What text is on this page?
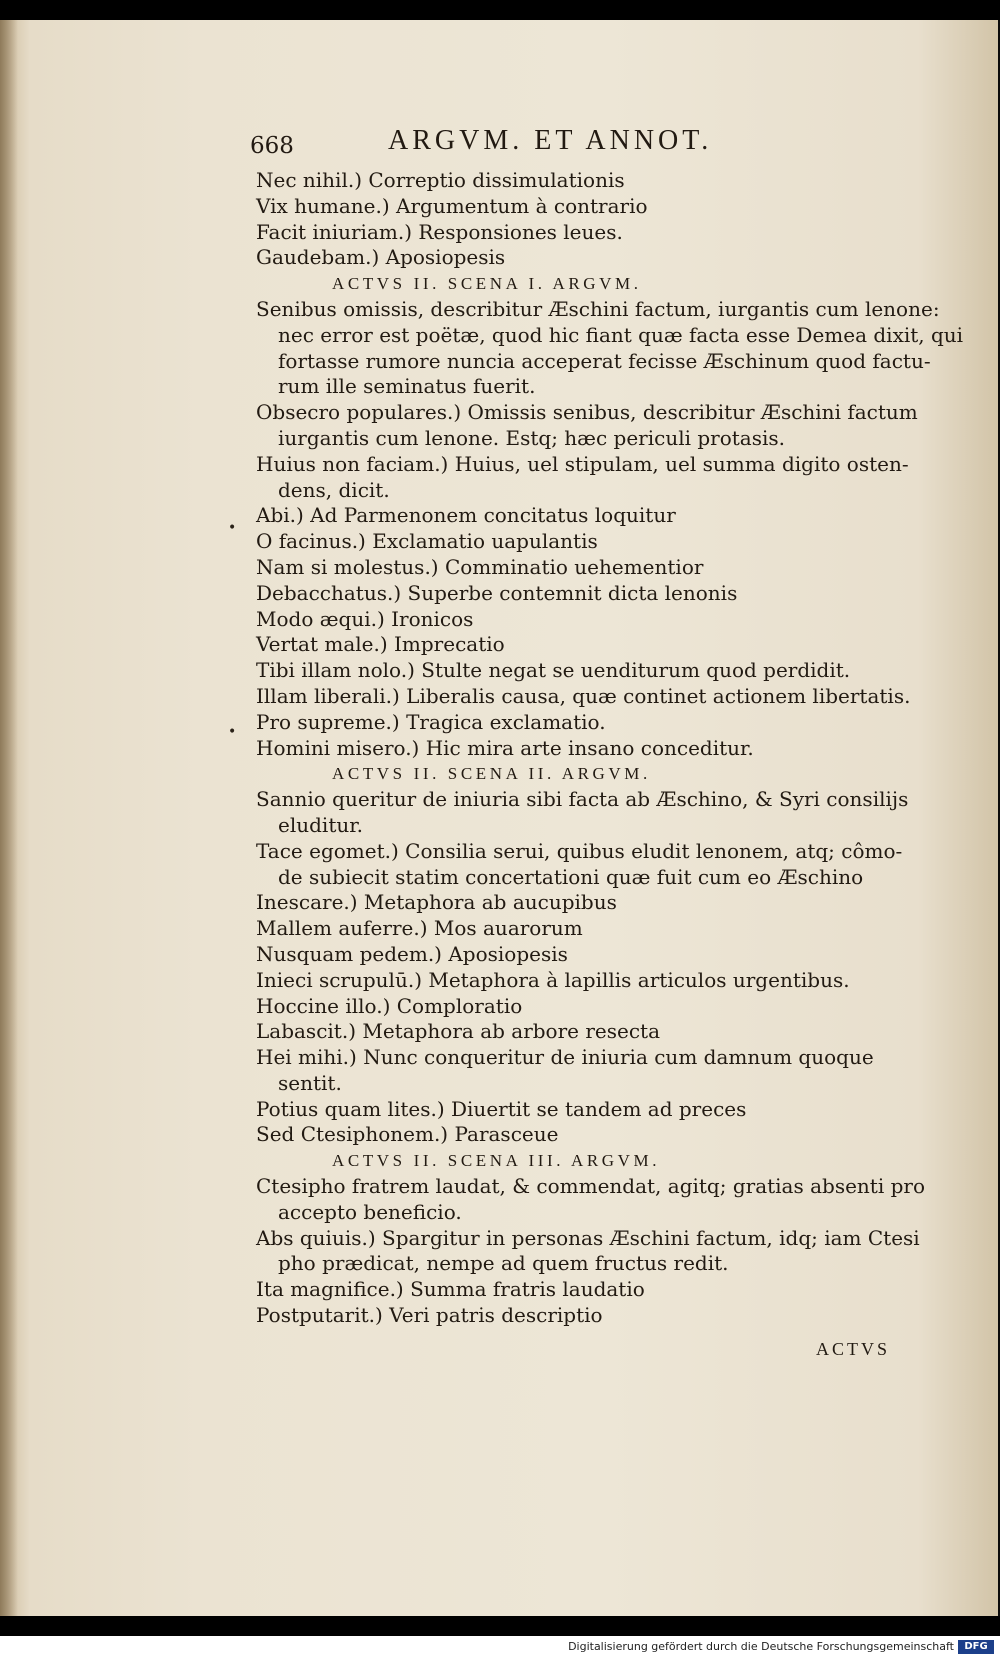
668	ARGVM. ET ANNOT.
Nec nihil.) Correptio dissimulationis
Vix humane.) Argumentum à contrario
Facit iniuriam.) Responsiones leues.
Gaudebam.) Aposiopesis
ACTVS II. SCENA I. ARGVM.
Senibus omissis, describitur Æschini factum, iurgantis cum lenone:
nec error est poëtæ, quod hic fiant quæ facta esse Demea dixit, qui
fortasse rumore nuncia acceperat fecisse Æschinum quod factu-
rum ille seminatus fuerit.
Obsecro populares.) Omissis senibus, describitur Æschini factum
iurgantis cum lenone. Estq; hæc periculi protasis.
Huius non faciam.) Huius, uel stipulam, uel summa digito osten-
dens, dicit.
Abi.) Ad Parmenonem concitatus loquitur
O facinus.) Exclamatio uapulantis
Nam si molestus.) Comminatio uehementior
Debacchatus.) Superbe contemnit dicta lenonis
Modo æqui.) Ironicos
Vertat male.) Imprecatio
Tibi illam nolo.) Stulte negat se uenditurum quod perdidit.
Illam liberali.) Liberalis causa, quæ continet actionem libertatis.
Pro supreme.) Tragica exclamatio.
Homini misero.) Hic mira arte insano conceditur.
ACTVS II. SCENA II. ARGVM.
Sannio queritur de iniuria sibi facta ab Æschino, & Syri consilijs
eluditur.
Tace egomet.) Consilia serui, quibus eludit lenonem, atq; cômo-
de subiecit statim concertationi quæ fuit cum eo Æschino
Inescare.) Metaphora ab aucupibus
Mallem auferre.) Mos auarorum
Nusquam pedem.) Aposiopesis
Inieci scrupulū.) Metaphora à lapillis articulos urgentibus.
Hoccine illo.) Comploratio
Labascit.) Metaphora ab arbore resecta
Hei mihi.) Nunc conqueritur de iniuria cum damnum quoque
sentit.
Potius quam lites.) Diuertit se tandem ad preces
Sed Ctesiphonem.) Parasceue
ACTVS II. SCENA III. ARGVM.
Ctesipho fratrem laudat, & commendat, agitq; gratias absenti pro
accepto beneficio.
Abs quiuis.) Spargitur in personas Æschini factum, idq; iam Ctesi
pho prædicat, nempe ad quem fructus redit.
Ita magnifice.) Summa fratris laudatio
Postputarit.) Veri patris descriptio
ACTVS
•
•
Digitalisierung gefördert durch die Deutsche Forschungsgemeinschaft	DFG
